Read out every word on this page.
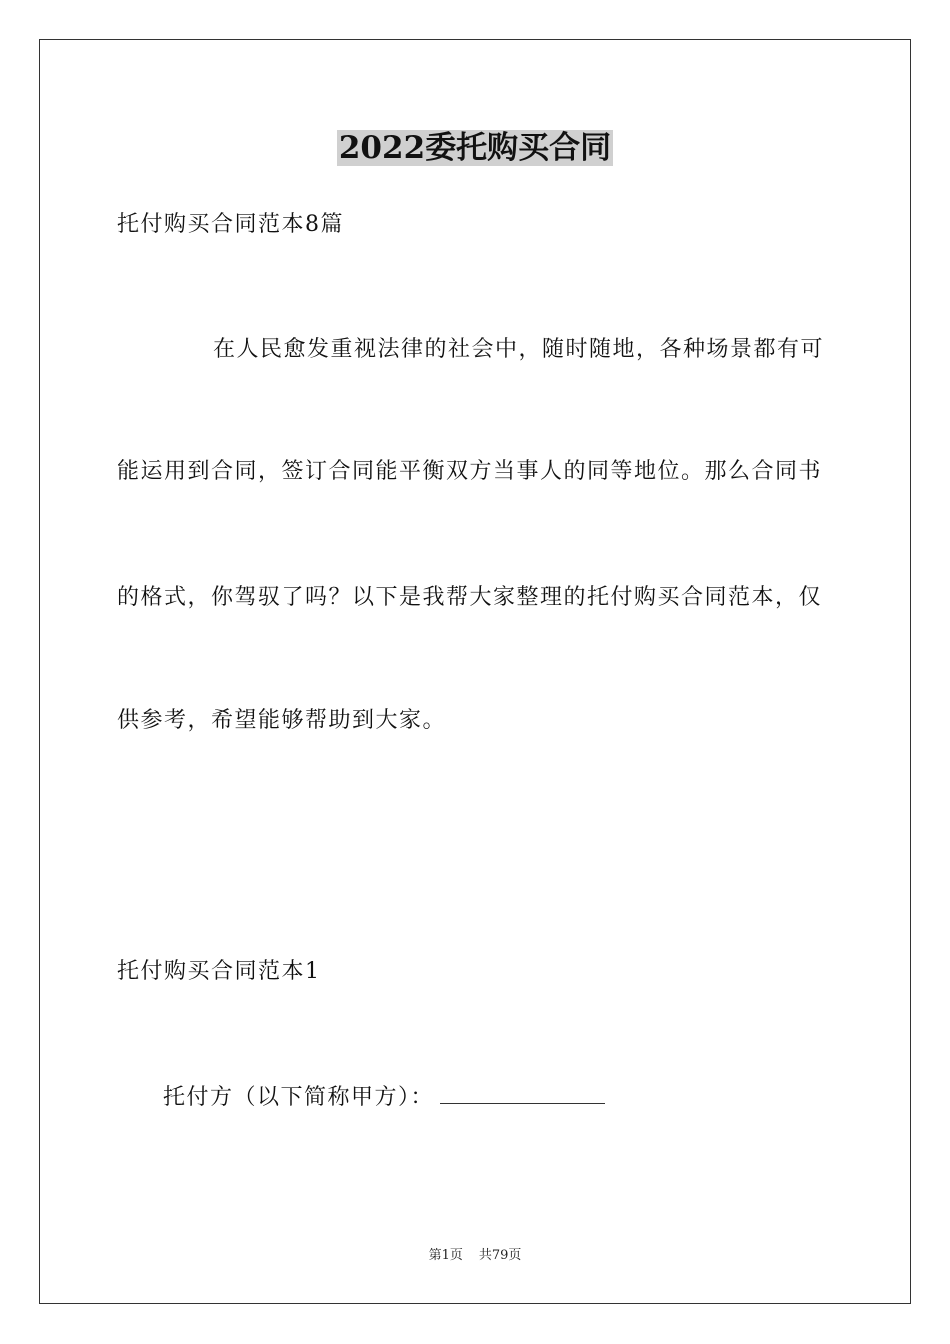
2022委托购买合同
托付购买合同范本8篇
在人民愈发重视法律的社会中，随时随地，各种场景都有可
能运用到合同，签订合同能平衡双方当事人的同等地位。那么合同书
的格式，你驾驭了吗？以下是我帮大家整理的托付购买合同范本，仅
供参考，希望能够帮助到大家。
托付购买合同范本1
托付方（以下简称甲方）：
第1页 共79页
